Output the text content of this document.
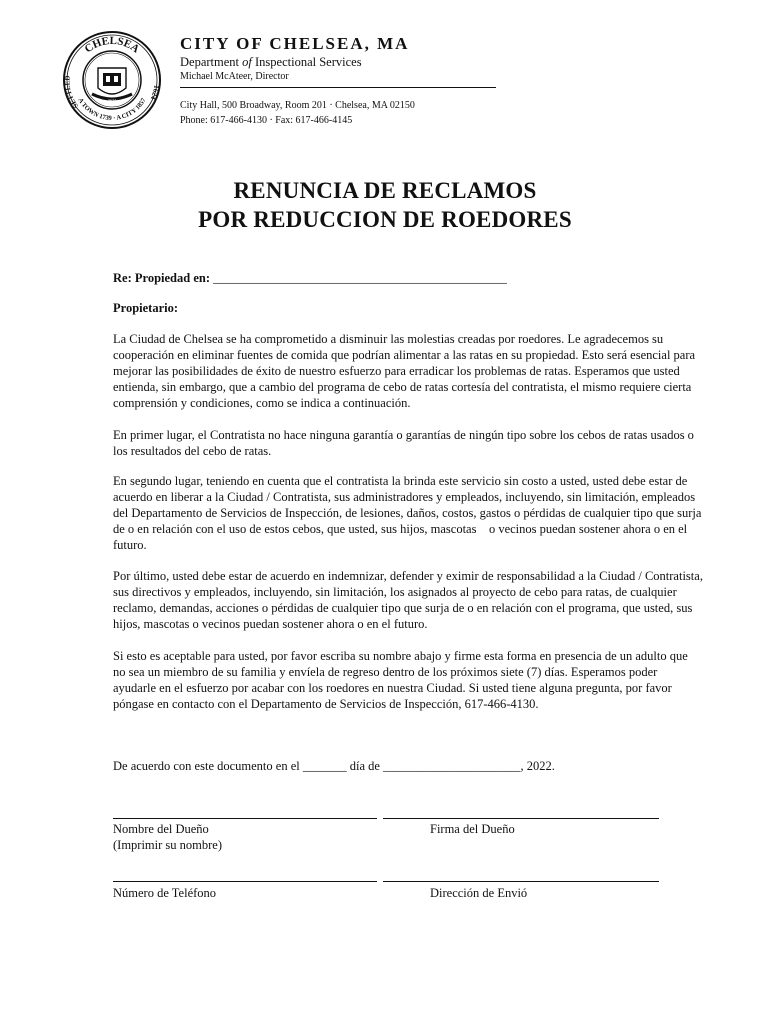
CHELSEA
SETTLED
1624
A TOWN 1739 · A CITY 1857
1624
CITY OF CHELSEA, MA
Department of Inspectional Services
Michael McAteer, Director
City Hall, 500 Broadway, Room 201 · Chelsea, MA 02150
Phone: 617-466-4130 · Fax: 617-466-4145
RENUNCIA DE RECLAMOS
POR REDUCCION DE ROEDORES
Re: Propiedad en: _______________________________________________
Propietario:
La Ciudad de Chelsea se ha comprometido a disminuir las molestias creadas por roedores. Le agradecemos su cooperación en eliminar fuentes de comida que podrían alimentar a las ratas en su propiedad. Esto será esencial para mejorar las posibilidades de éxito de nuestro esfuerzo para erradicar los problemas de ratas. Esperamos que usted entienda, sin embargo, que a cambio del programa de cebo de ratas cortesía del contratista, el mismo requiere cierta comprensión y condiciones, como se indica a continuación.
En primer lugar, el Contratista no hace ninguna garantía o garantías de ningún tipo sobre los cebos de ratas usados o los resultados del cebo de ratas.
En segundo lugar, teniendo en cuenta que el contratista la brinda este servicio sin costo a usted, usted debe estar de acuerdo en liberar a la Ciudad / Contratista, sus administradores y empleados, incluyendo, sin limitación, empleados del Departamento de Servicios de Inspección, de lesiones, daños, costos, gastos o pérdidas de cualquier tipo que surja de o en relación con el uso de estos cebos, que usted, sus hijos, mascotas    o vecinos puedan sostener ahora o en el futuro.
Por último, usted debe estar de acuerdo en indemnizar, defender y eximir de responsabilidad a la Ciudad / Contratista, sus directivos y empleados, incluyendo, sin limitación, los asignados al proyecto de cebo para ratas, de cualquier reclamo, demandas, acciones o pérdidas de cualquier tipo que surja de o en relación con el programa, que usted, sus hijos, mascotas o vecinos puedan sostener ahora o en el futuro.
Si esto es aceptable para usted, por favor escriba su nombre abajo y firme esta forma en presencia de un adulto que no sea un miembro de su familia y envíela de regreso dentro de los próximos siete (7) días. Esperamos poder ayudarle en el esfuerzo por acabar con los roedores en nuestra Ciudad. Si usted tiene alguna pregunta, por favor póngase en contacto con el Departamento de Servicios de Inspección, 617-466-4130.
De acuerdo con este documento en el _______ día de ______________________, 2022.
Nombre del Dueño
(Imprimir su nombre)
Firma del Dueño
Número de Teléfono	Dirección de Envió
